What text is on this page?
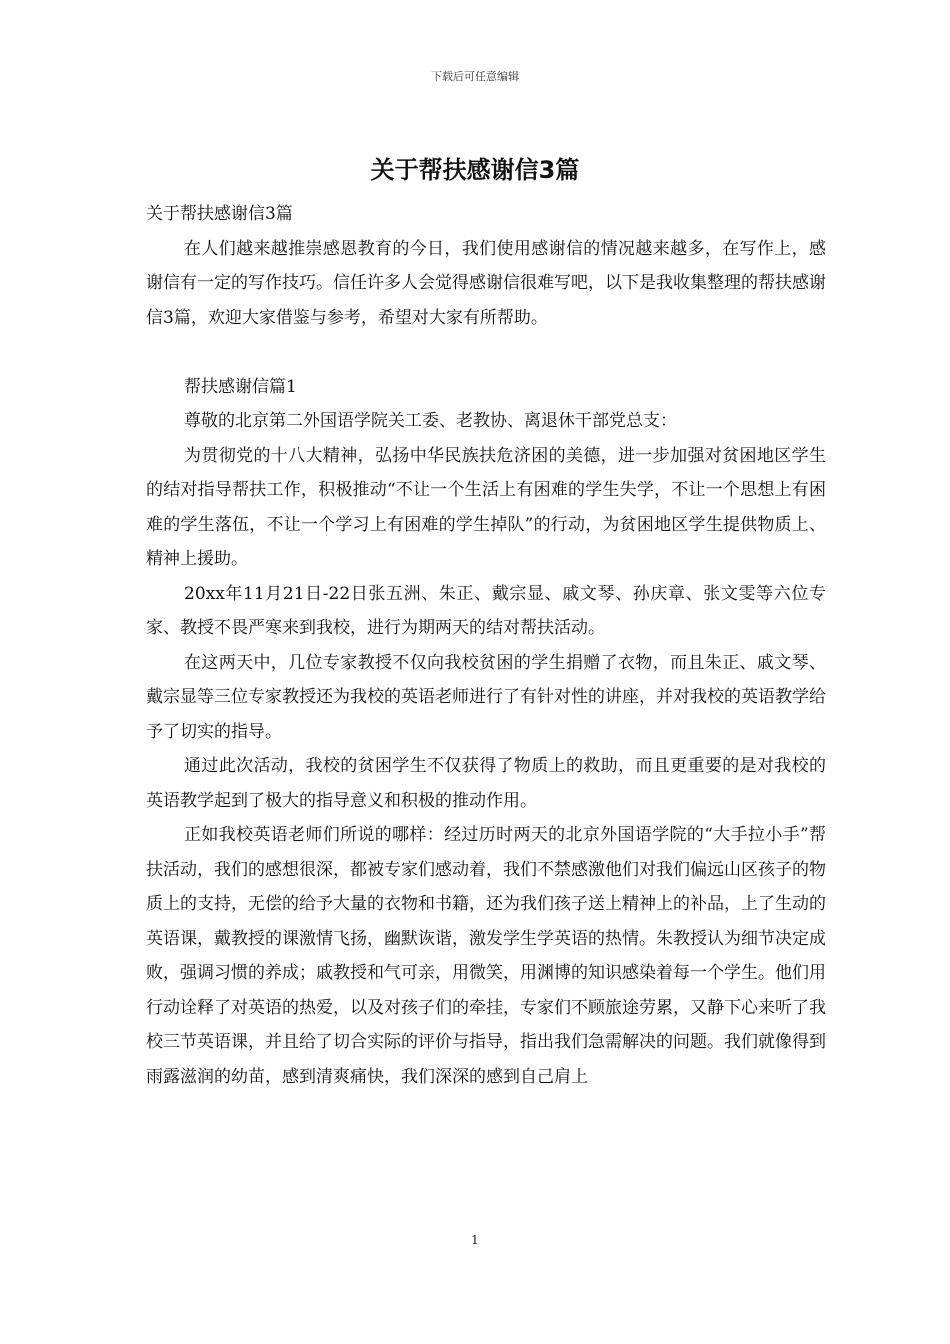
下载后可任意编辑
关于帮扶感谢信3篇

关于帮扶感谢信3篇

在人们越来越推崇感恩教育的今日，我们使用感谢信的情况越来越多，在写作上，感谢信有一定的写作技巧。信任许多人会觉得感谢信很难写吧，以下是我收集整理的帮扶感谢信3篇，欢迎大家借鉴与参考，希望对大家有所帮助。

帮扶感谢信篇1

尊敬的北京第二外国语学院关工委、老教协、离退休干部党总支：

为贯彻党的十八大精神，弘扬中华民族扶危济困的美德，进一步加强对贫困地区学生的结对指导帮扶工作，积极推动“不让一个生活上有困难的学生失学，不让一个思想上有困难的学生落伍，不让一个学习上有困难的学生掉队”的行动，为贫困地区学生提供物质上、精神上援助。

20xx年11月21日-22日张五洲、朱正、戴宗显、戚文琴、孙庆章、张文雯等六位专家、教授不畏严寒来到我校，进行为期两天的结对帮扶活动。

在这两天中，几位专家教授不仅向我校贫困的学生捐赠了衣物，而且朱正、戚文琴、戴宗显等三位专家教授还为我校的英语老师进行了有针对性的讲座，并对我校的英语教学给予了切实的指导。

通过此次活动，我校的贫困学生不仅获得了物质上的救助，而且更重要的是对我校的英语教学起到了极大的指导意义和积极的推动作用。

正如我校英语老师们所说的哪样：经过历时两天的北京外国语学院的“大手拉小手”帮扶活动，我们的感想很深，都被专家们感动着，我们不禁感激他们对我们偏远山区孩子的物质上的支持，无偿的给予大量的衣物和书籍，还为我们孩子送上精神上的补品，上了生动的英语课，戴教授的课激情飞扬，幽默诙谐，激发学生学英语的热情。朱教授认为细节决定成败，强调习惯的养成；戚教授和气可亲，用微笑，用渊博的知识感染着每一个学生。他们用行动诠释了对英语的热爱，以及对孩子们的牵挂，专家们不顾旅途劳累，又静下心来听了我校三节英语课，并且给了切合实际的评价与指导，指出我们急需解决的问题。我们就像得到雨露滋润的幼苗，感到清爽痛快，我们深深的感到自己肩上

1
